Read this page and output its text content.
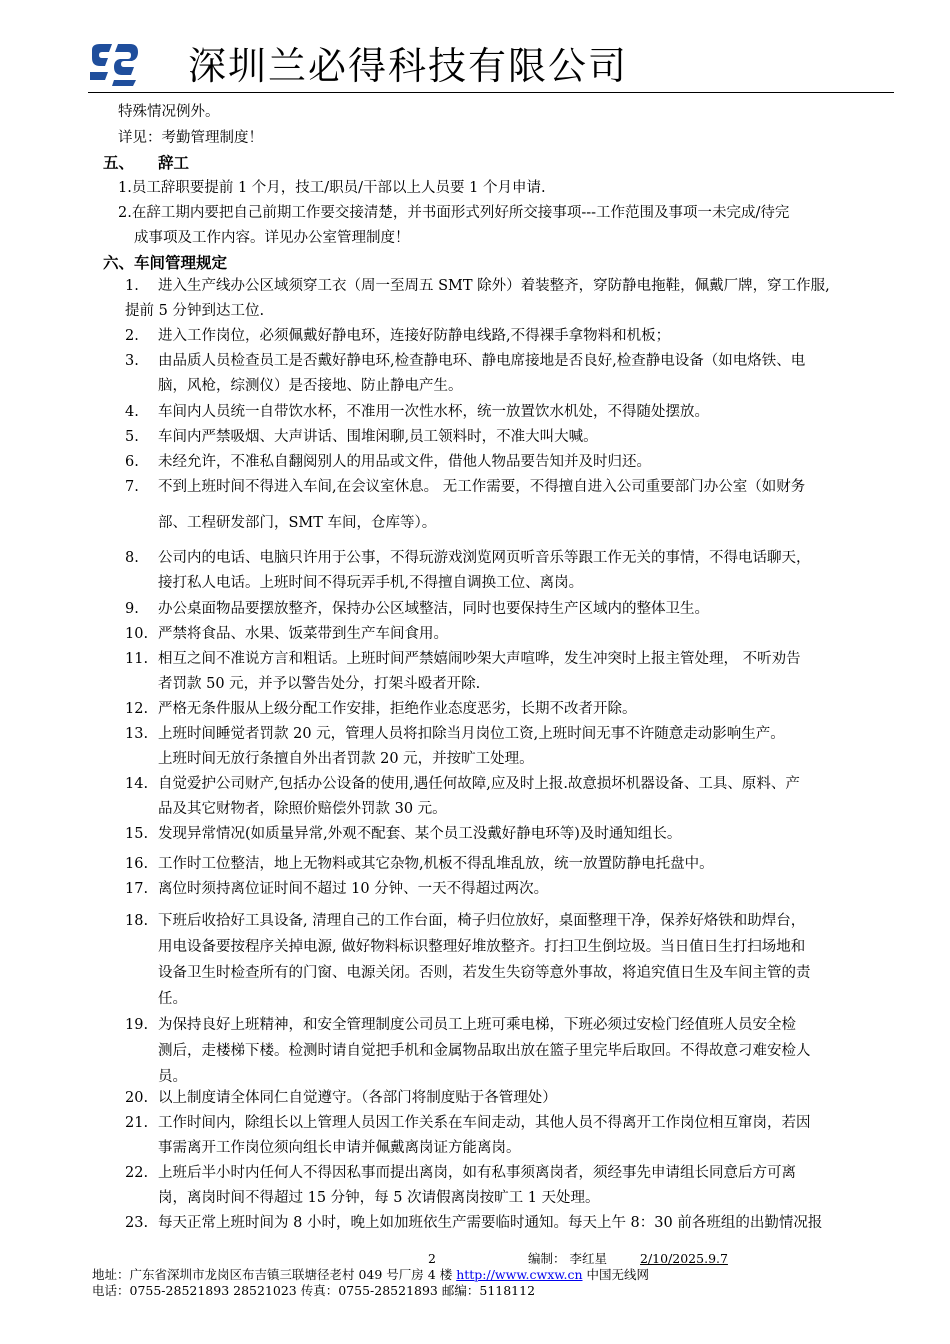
深圳兰必得科技有限公司
特殊情况例外。
详见：考勤管理制度！
五、 辞工
1.员工辞职要提前 1 个月，技工/职员/干部以上人员要 1 个月申请.
2.在辞工期内要把自己前期工作要交接清楚，并书面形式列好所交接事项---工作范围及事项一未完成/待完
成事项及工作内容。详见办公室管理制度！
六、车间管理规定
1. 进入生产线办公区域须穿工衣（周一至周五 SMT 除外）着装整齐，穿防静电拖鞋，佩戴厂牌，穿工作服,
提前 5 分钟到达工位.
2. 进入工作岗位，必须佩戴好静电环，连接好防静电线路,不得裸手拿物料和机板；
3. 由品质人员检查员工是否戴好静电环,检查静电环、静电席接地是否良好,检查静电设备（如电烙铁、电
脑，风枪，综测仪）是否接地、防止静电产生。
4. 车间内人员统一自带饮水杯，不准用一次性水杯，统一放置饮水机处，不得随处摆放。
5. 车间内严禁吸烟、大声讲话、围堆闲聊,员工领料时，不准大叫大喊。
6. 未经允许，不准私自翻阅别人的用品或文件，借他人物品要告知并及时归还。
7. 不到上班时间不得进入车间,在会议室休息。 无工作需要，不得擅自进入公司重要部门办公室（如财务
部、工程研发部门，SMT 车间，仓库等）。
8. 公司内的电话、电脑只许用于公事，不得玩游戏浏览网页听音乐等跟工作无关的事情，不得电话聊天，
接打私人电话。上班时间不得玩弄手机,不得擅自调换工位、离岗。
9. 办公桌面物品要摆放整齐，保持办公区域整洁，同时也要保持生产区域内的整体卫生。
10. 严禁将食品、水果、饭菜带到生产车间食用。
11. 相互之间不准说方言和粗话。上班时间严禁嬉闹吵架大声喧哗，发生冲突时上报主管处理， 不听劝告
者罚款 50 元，并予以警告处分，打架斗殴者开除.
12. 严格无条件服从上级分配工作安排，拒绝作业态度恶劣，长期不改者开除。
13. 上班时间睡觉者罚款 20 元，管理人员将扣除当月岗位工资,上班时间无事不许随意走动影响生产。
上班时间无放行条擅自外出者罚款 20 元，并按旷工处理。
14. 自觉爱护公司财产,包括办公设备的使用,遇任何故障,应及时上报.故意损坏机器设备、工具、原料、产
品及其它财物者，除照价赔偿外罚款 30 元。
15. 发现异常情况(如质量异常,外观不配套、某个员工没戴好静电环等)及时通知组长。
16. 工作时工位整洁，地上无物料或其它杂物,机板不得乱堆乱放，统一放置防静电托盘中。
17. 离位时须持离位证时间不超过 10 分钟、一天不得超过两次。
18. 下班后收拾好工具设备, 清理自己的工作台面，椅子归位放好，桌面整理干净，保养好烙铁和助焊台，
用电设备要按程序关掉电源, 做好物料标识整理好堆放整齐。打扫卫生倒垃圾。当日值日生打扫场地和
设备卫生时检查所有的门窗、电源关闭。否则，若发生失窃等意外事故，将追究值日生及车间主管的责
任。
19. 为保持良好上班精神，和安全管理制度公司员工上班可乘电梯，下班必须过安检门经值班人员安全检
测后，走楼梯下楼。检测时请自觉把手机和金属物品取出放在篮子里完毕后取回。不得故意刁难安检人
员。
20. 以上制度请全体同仁自觉遵守。（各部门将制度贴于各管理处）
21. 工作时间内，除组长以上管理人员因工作关系在车间走动，其他人员不得离开工作岗位相互窜岗，若因
事需离开工作岗位须向组长申请并佩戴离岗证方能离岗。
22. 上班后半小时内任何人不得因私事而提出离岗，如有私事须离岗者，须经事先申请组长同意后方可离
岗，离岗时间不得超过 15 分钟，每 5 次请假离岗按旷工 1 天处理。
23. 每天正常上班时间为 8 小时，晚上如加班依生产需要临时通知。每天上午 8：30 前各班组的出勤情况报
2	编制： 李红星	2/10/2025.9.7
地址：广东省深圳市龙岗区布吉镇三联塘径老村 049 号厂房 4 楼 http://www.cwxw.cn 中国无线网
电话：0755-28521893 28521023 传真：0755-28521893 邮编：5118112
